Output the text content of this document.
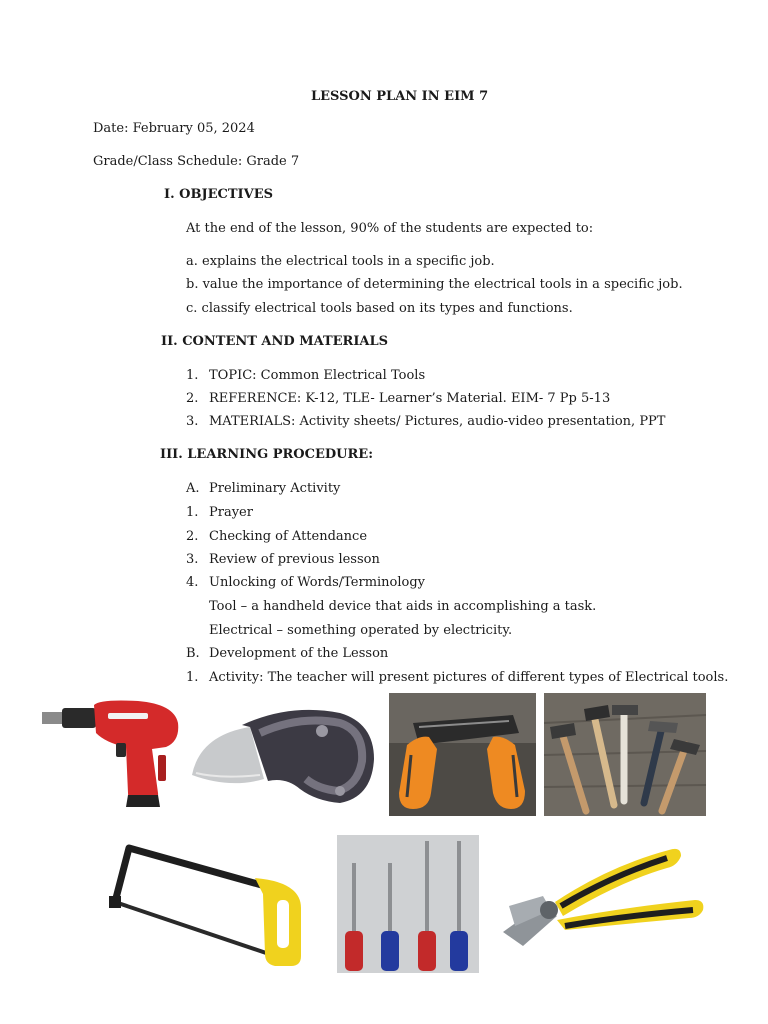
LESSON PLAN IN EIM 7
Date: February 05, 2024
Grade/Class Schedule: Grade 7
I. OBJECTIVES
At the end of the lesson, 90% of the students are expected to:
a. explains the electrical tools in a specific job.
b. value the importance of determining the electrical tools in a specific job.
c. classify electrical tools based on its types and functions.
II. CONTENT AND MATERIALS
1. TOPIC: Common Electrical Tools
2. REFERENCE: K-12, TLE- Learner’s Material. EIM- 7 Pp 5-13
3. MATERIALS: Activity sheets/ Pictures, audio-video presentation, PPT
III. LEARNING PROCEDURE:
A. Preliminary Activity
1. Prayer
2. Checking of Attendance
3. Review of previous lesson
4. Unlocking of Words/Terminology
Tool – a handheld device that aids in accomplishing a task.
Electrical – something operated by electricity.
B. Development of the Lesson
1. Activity: The teacher will present pictures of different types of Electrical tools.
